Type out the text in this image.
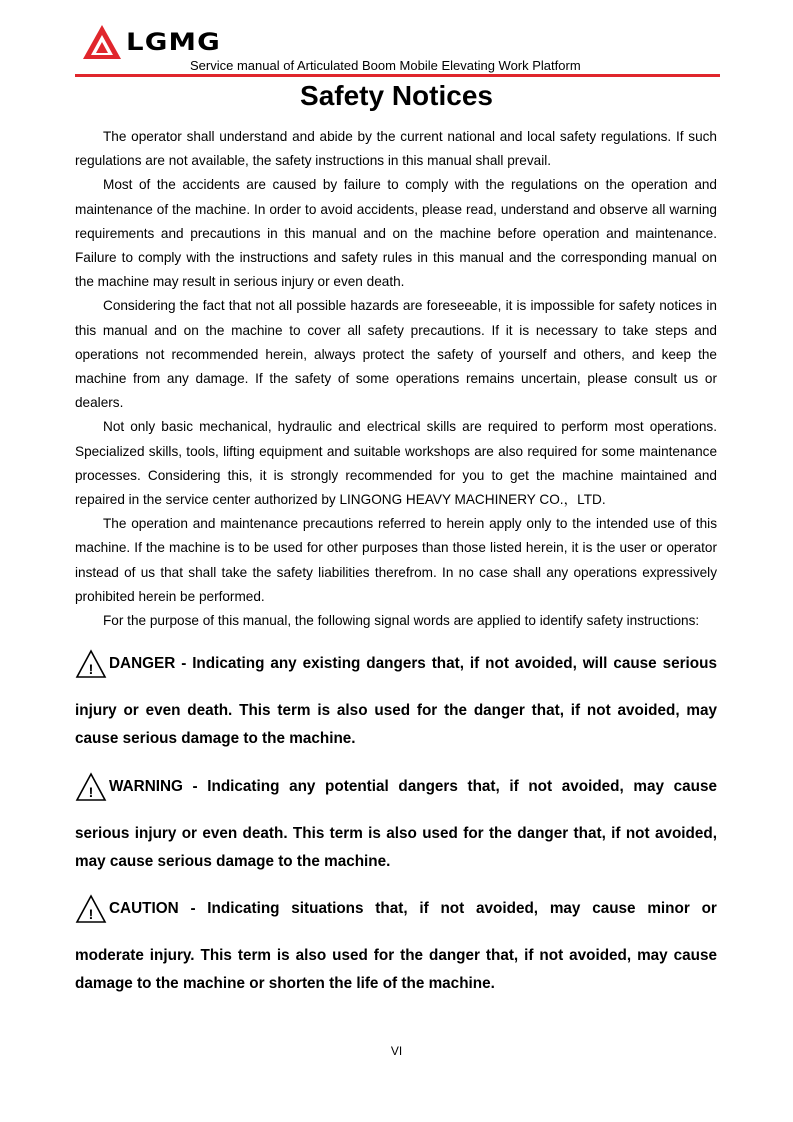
LGMG
Service manual of Articulated Boom Mobile Elevating Work Platform
Safety Notices

The operator shall understand and abide by the current national and local safety regulations. If such regulations are not available, the safety instructions in this manual shall prevail.

Most of the accidents are caused by failure to comply with the regulations on the operation and maintenance of the machine. In order to avoid accidents, please read, understand and observe all warning requirements and precautions in this manual and on the machine before operation and maintenance. Failure to comply with the instructions and safety rules in this manual and the corresponding manual on the machine may result in serious injury or even death.

Considering the fact that not all possible hazards are foreseeable, it is impossible for safety notices in this manual and on the machine to cover all safety precautions. If it is necessary to take steps and operations not recommended herein, always protect the safety of yourself and others, and keep the machine from any damage. If the safety of some operations remains uncertain, please consult us or dealers.

Not only basic mechanical, hydraulic and electrical skills are required to perform most operations. Specialized skills, tools, lifting equipment and suitable workshops are also required for some maintenance processes. Considering this, it is strongly recommended for you to get the machine maintained and repaired in the service center authorized by LINGONG HEAVY MACHINERY CO.，LTD.

The operation and maintenance precautions referred to herein apply only to the intended use of this machine. If the machine is to be used for other purposes than those listed herein, it is the user or operator instead of us that shall take the safety liabilities therefrom. In no case shall any operations expressively prohibited herein be performed.

For the purpose of this manual, the following signal words are applied to identify safety instructions:

! DANGER - Indicating any existing dangers that, if not avoided, will cause serious
injury or even death. This term is also used for the danger that, if not avoided, may cause serious damage to the machine.
! WARNING - Indicating any potential dangers that, if not avoided, may cause
serious injury or even death. This term is also used for the danger that, if not avoided, may cause serious damage to the machine.
! CAUTION - Indicating situations that, if not avoided, may cause minor or
moderate injury. This term is also used for the danger that, if not avoided, may cause damage to the machine or shorten the life of the machine.
VI
